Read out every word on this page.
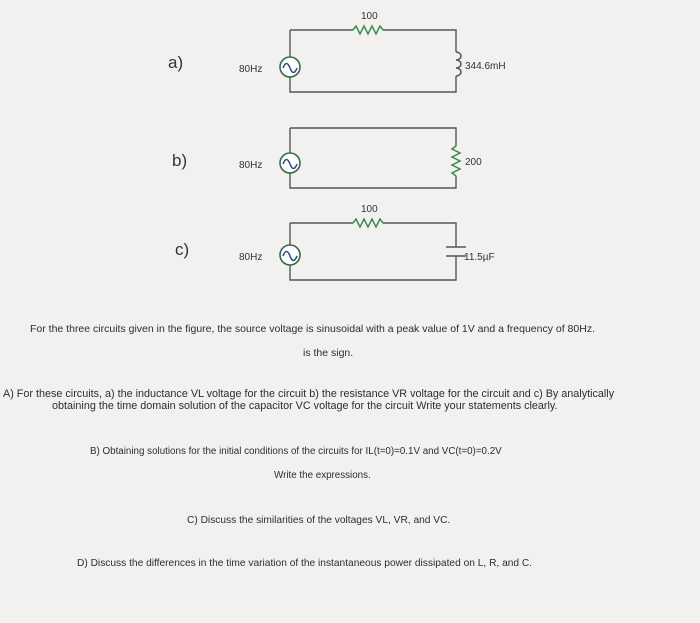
a)	80Hz
100
344.6mH
b)	80Hz	200
c)	80Hz
100
11.5µF
For the three circuits given in the figure, the source voltage is sinusoidal with a peak value of 1V and a frequency of 80Hz.
is the sign.
A) For these circuits, a) the inductance VL voltage for the circuit b) the resistance VR voltage for the circuit and c) By analytically
obtaining the time domain solution of the capacitor VC voltage for the circuit Write your statements clearly.
B) Obtaining solutions for the initial conditions of the circuits for IL(t=0)=0.1V and VC(t=0)=0.2V
Write the expressions.
C) Discuss the similarities of the voltages VL, VR, and VC.
D) Discuss the differences in the time variation of the instantaneous power dissipated on L, R, and C.
